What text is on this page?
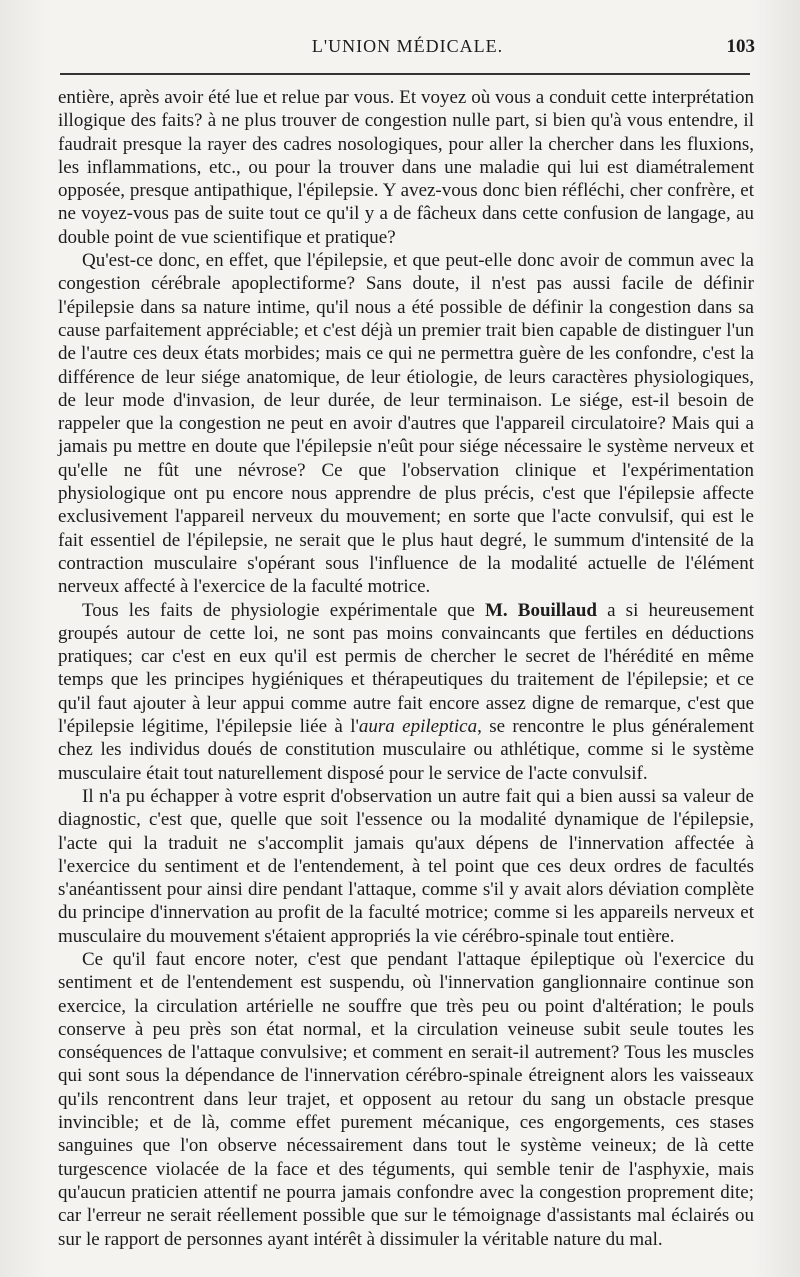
L'UNION MÉDICALE.	103

entière, après avoir été lue et relue par vous. Et voyez où vous a conduit cette interprétation illogique des faits? à ne plus trouver de congestion nulle part, si bien qu'à vous entendre, il faudrait presque la rayer des cadres nosologiques, pour aller la chercher dans les fluxions, les inflammations, etc., ou pour la trouver dans une maladie qui lui est diamétralement opposée, presque antipathique, l'épilepsie. Y avez-vous donc bien réfléchi, cher confrère, et ne voyez-vous pas de suite tout ce qu'il y a de fâcheux dans cette confusion de langage, au double point de vue scientifique et pratique?

Qu'est-ce donc, en effet, que l'épilepsie, et que peut-elle donc avoir de commun avec la congestion cérébrale apoplectiforme? Sans doute, il n'est pas aussi facile de définir l'épilepsie dans sa nature intime, qu'il nous a été possible de définir la congestion dans sa cause parfaitement appréciable; et c'est déjà un premier trait bien capable de distinguer l'un de l'autre ces deux états morbides; mais ce qui ne permettra guère de les confondre, c'est la différence de leur siége anatomique, de leur étiologie, de leurs caractères physiologiques, de leur mode d'invasion, de leur durée, de leur terminaison. Le siége, est-il besoin de rappeler que la congestion ne peut en avoir d'autres que l'appareil circulatoire? Mais qui a jamais pu mettre en doute que l'épilepsie n'eût pour siége nécessaire le système nerveux et qu'elle ne fût une névrose? Ce que l'observation clinique et l'expérimentation physiologique ont pu encore nous apprendre de plus précis, c'est que l'épilepsie affecte exclusivement l'appareil nerveux du mouvement; en sorte que l'acte convulsif, qui est le fait essentiel de l'épilepsie, ne serait que le plus haut degré, le summum d'intensité de la contraction musculaire s'opérant sous l'influence de la modalité actuelle de l'élément nerveux affecté à l'exercice de la faculté motrice.

Tous les faits de physiologie expérimentale que M. Bouillaud a si heureusement groupés autour de cette loi, ne sont pas moins convaincants que fertiles en déductions pratiques; car c'est en eux qu'il est permis de chercher le secret de l'hérédité en même temps que les principes hygiéniques et thérapeutiques du traitement de l'épilepsie; et ce qu'il faut ajouter à leur appui comme autre fait encore assez digne de remarque, c'est que l'épilepsie légitime, l'épilepsie liée à l'aura epileptica, se rencontre le plus généralement chez les individus doués de constitution musculaire ou athlétique, comme si le système musculaire était tout naturellement disposé pour le service de l'acte convulsif.

Il n'a pu échapper à votre esprit d'observation un autre fait qui a bien aussi sa valeur de diagnostic, c'est que, quelle que soit l'essence ou la modalité dynamique de l'épilepsie, l'acte qui la traduit ne s'accomplit jamais qu'aux dépens de l'innervation affectée à l'exercice du sentiment et de l'entendement, à tel point que ces deux ordres de facultés s'anéantissent pour ainsi dire pendant l'attaque, comme s'il y avait alors déviation complète du principe d'innervation au profit de la faculté motrice; comme si les appareils nerveux et musculaire du mouvement s'étaient appropriés la vie cérébro-spinale tout entière.

Ce qu'il faut encore noter, c'est que pendant l'attaque épileptique où l'exercice du sentiment et de l'entendement est suspendu, où l'innervation ganglionnaire continue son exercice, la circulation artérielle ne souffre que très peu ou point d'altération; le pouls conserve à peu près son état normal, et la circulation veineuse subit seule toutes les conséquences de l'attaque convulsive; et comment en serait-il autrement? Tous les muscles qui sont sous la dépendance de l'innervation cérébro-spinale étreignent alors les vaisseaux qu'ils rencontrent dans leur trajet, et opposent au retour du sang un obstacle presque invincible; et de là, comme effet purement mécanique, ces engorgements, ces stases sanguines que l'on observe nécessairement dans tout le système veineux; de là cette turgescence violacée de la face et des téguments, qui semble tenir de l'asphyxie, mais qu'aucun praticien attentif ne pourra jamais confondre avec la congestion proprement dite; car l'erreur ne serait réellement possible que sur le témoignage d'assistants mal éclairés ou sur le rapport de personnes ayant intérêt à dissimuler la véritable nature du mal.
